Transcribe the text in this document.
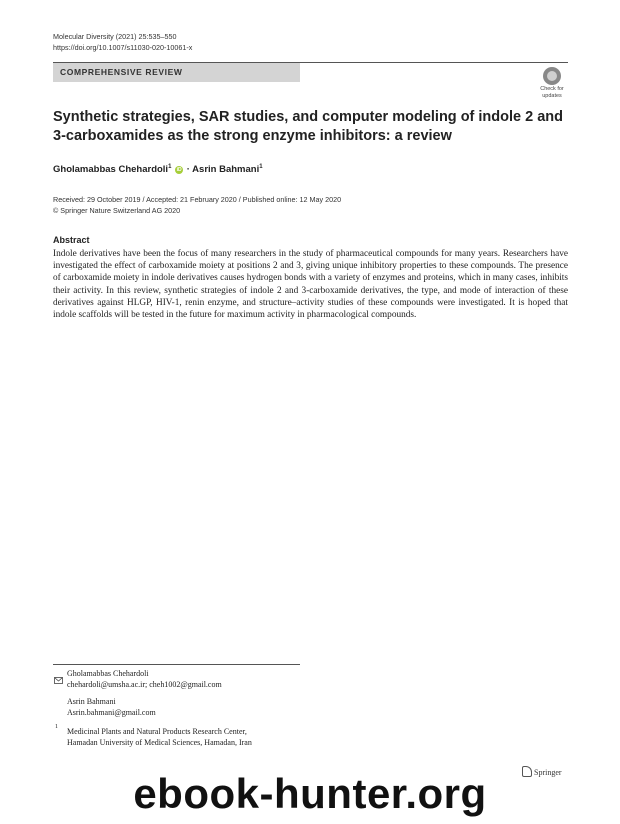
Molecular Diversity (2021) 25:535–550
https://doi.org/10.1007/s11030-020-10061-x
COMPREHENSIVE REVIEW
Check for
updates
Synthetic strategies, SAR studies, and computer modeling of indole 2 and 3-carboxamides as the strong enzyme inhibitors: a review
Gholamabbas Chehardoli$^1$ iD · Asrin Bahmani$^1$
Received: 29 October 2019 / Accepted: 21 February 2020 / Published online: 12 May 2020
© Springer Nature Switzerland AG 2020
Abstract
Indole derivatives have been the focus of many researchers in the study of pharmaceutical compounds for many years. Researchers have investigated the effect of carboxamide moiety at positions 2 and 3, giving unique inhibitory properties to these compounds. The presence of carboxamide moiety in indole derivatives causes hydrogen bonds with a variety of enzymes and proteins, which in many cases, inhibits their activity. In this review, synthetic strategies of indole 2 and 3-carboxamide derivatives, the type, and mode of interaction of these derivatives against HLGP, HIV-1, renin enzyme, and structure–activity studies of these compounds were investigated. It is hoped that indole scaffolds will be tested in the future for maximum activity in pharmacological compounds.
Gholamabbas Chehardoli
chehardoli@umsha.ac.ir; cheh1002@gmail.com
Asrin Bahmani
Asrin.bahmani@gmail.com
1 Medicinal Plants and Natural Products Research Center,
Hamadan University of Medical Sciences, Hamadan, Iran
Springer
ebook-hunter.org
